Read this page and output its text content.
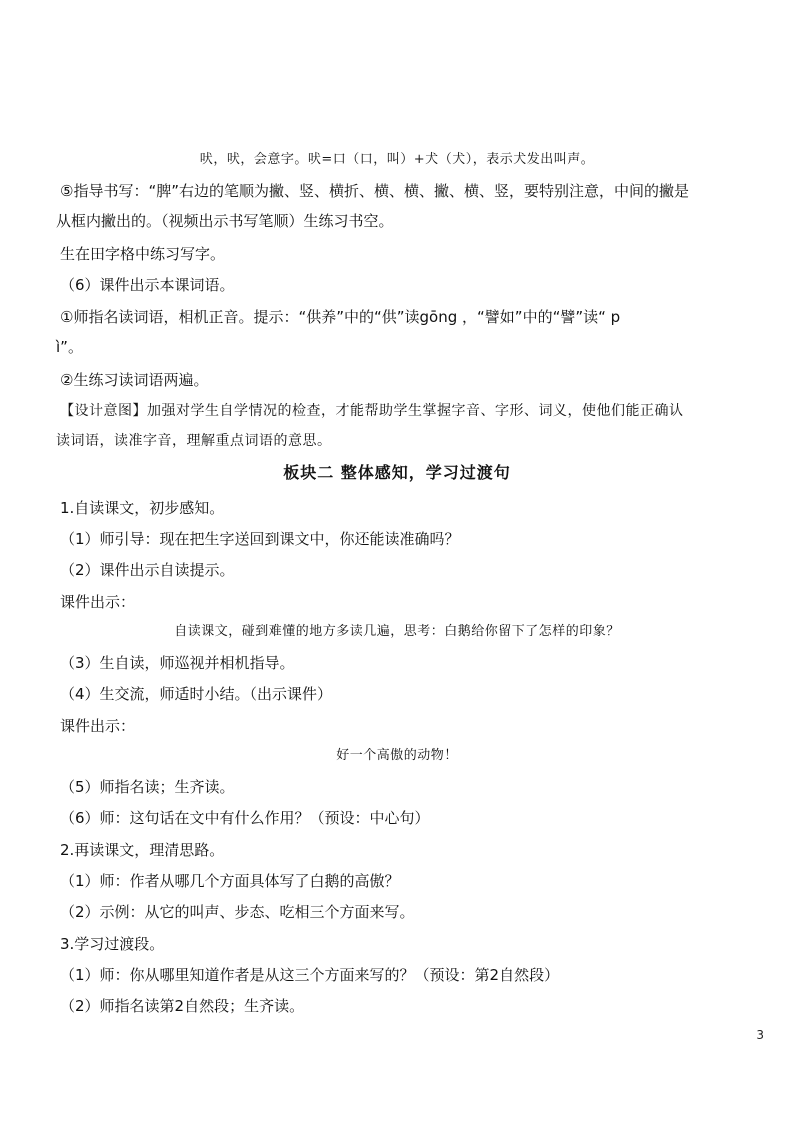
吠，吠，会意字。吠=口（口，叫）+犬（犬），表示犬发出叫声。
⑤指导书写：“脾”右边的笔顺为撇、竖、横折、横、横、撇、横、竖，要特别注意，中间的撇是
从框内撇出的。（视频出示书写笔顺）生练习书空。
生在田字格中练习写字。
（6）课件出示本课词语。
①师指名读词语，相机正音。提示：“供养”中的“供”读gōng ，“譬如”中的“譬”读“ p
ì”。
②生练习读词语两遍。
【设计意图】加强对学生自学情况的检查，才能帮助学生掌握字音、字形、词义，使他们能正确认
读词语，读准字音，理解重点词语的意思。
板块二 整体感知，学习过渡句
1.自读课文，初步感知。
（1）师引导：现在把生字送回到课文中，你还能读准确吗？
（2）课件出示自读提示。
课件出示：
自读课文，碰到难懂的地方多读几遍，思考：白鹅给你留下了怎样的印象？
（3）生自读，师巡视并相机指导。
（4）生交流，师适时小结。（出示课件）
课件出示：
好一个高傲的动物！
（5）师指名读；生齐读。
（6）师：这句话在文中有什么作用？（预设：中心句）
2.再读课文，理清思路。
（1）师：作者从哪几个方面具体写了白鹅的高傲？
（2）示例：从它的叫声、步态、吃相三个方面来写。
3.学习过渡段。
（1）师：你从哪里知道作者是从这三个方面来写的？（预设：第2自然段）
（2）师指名读第2自然段；生齐读。
3
